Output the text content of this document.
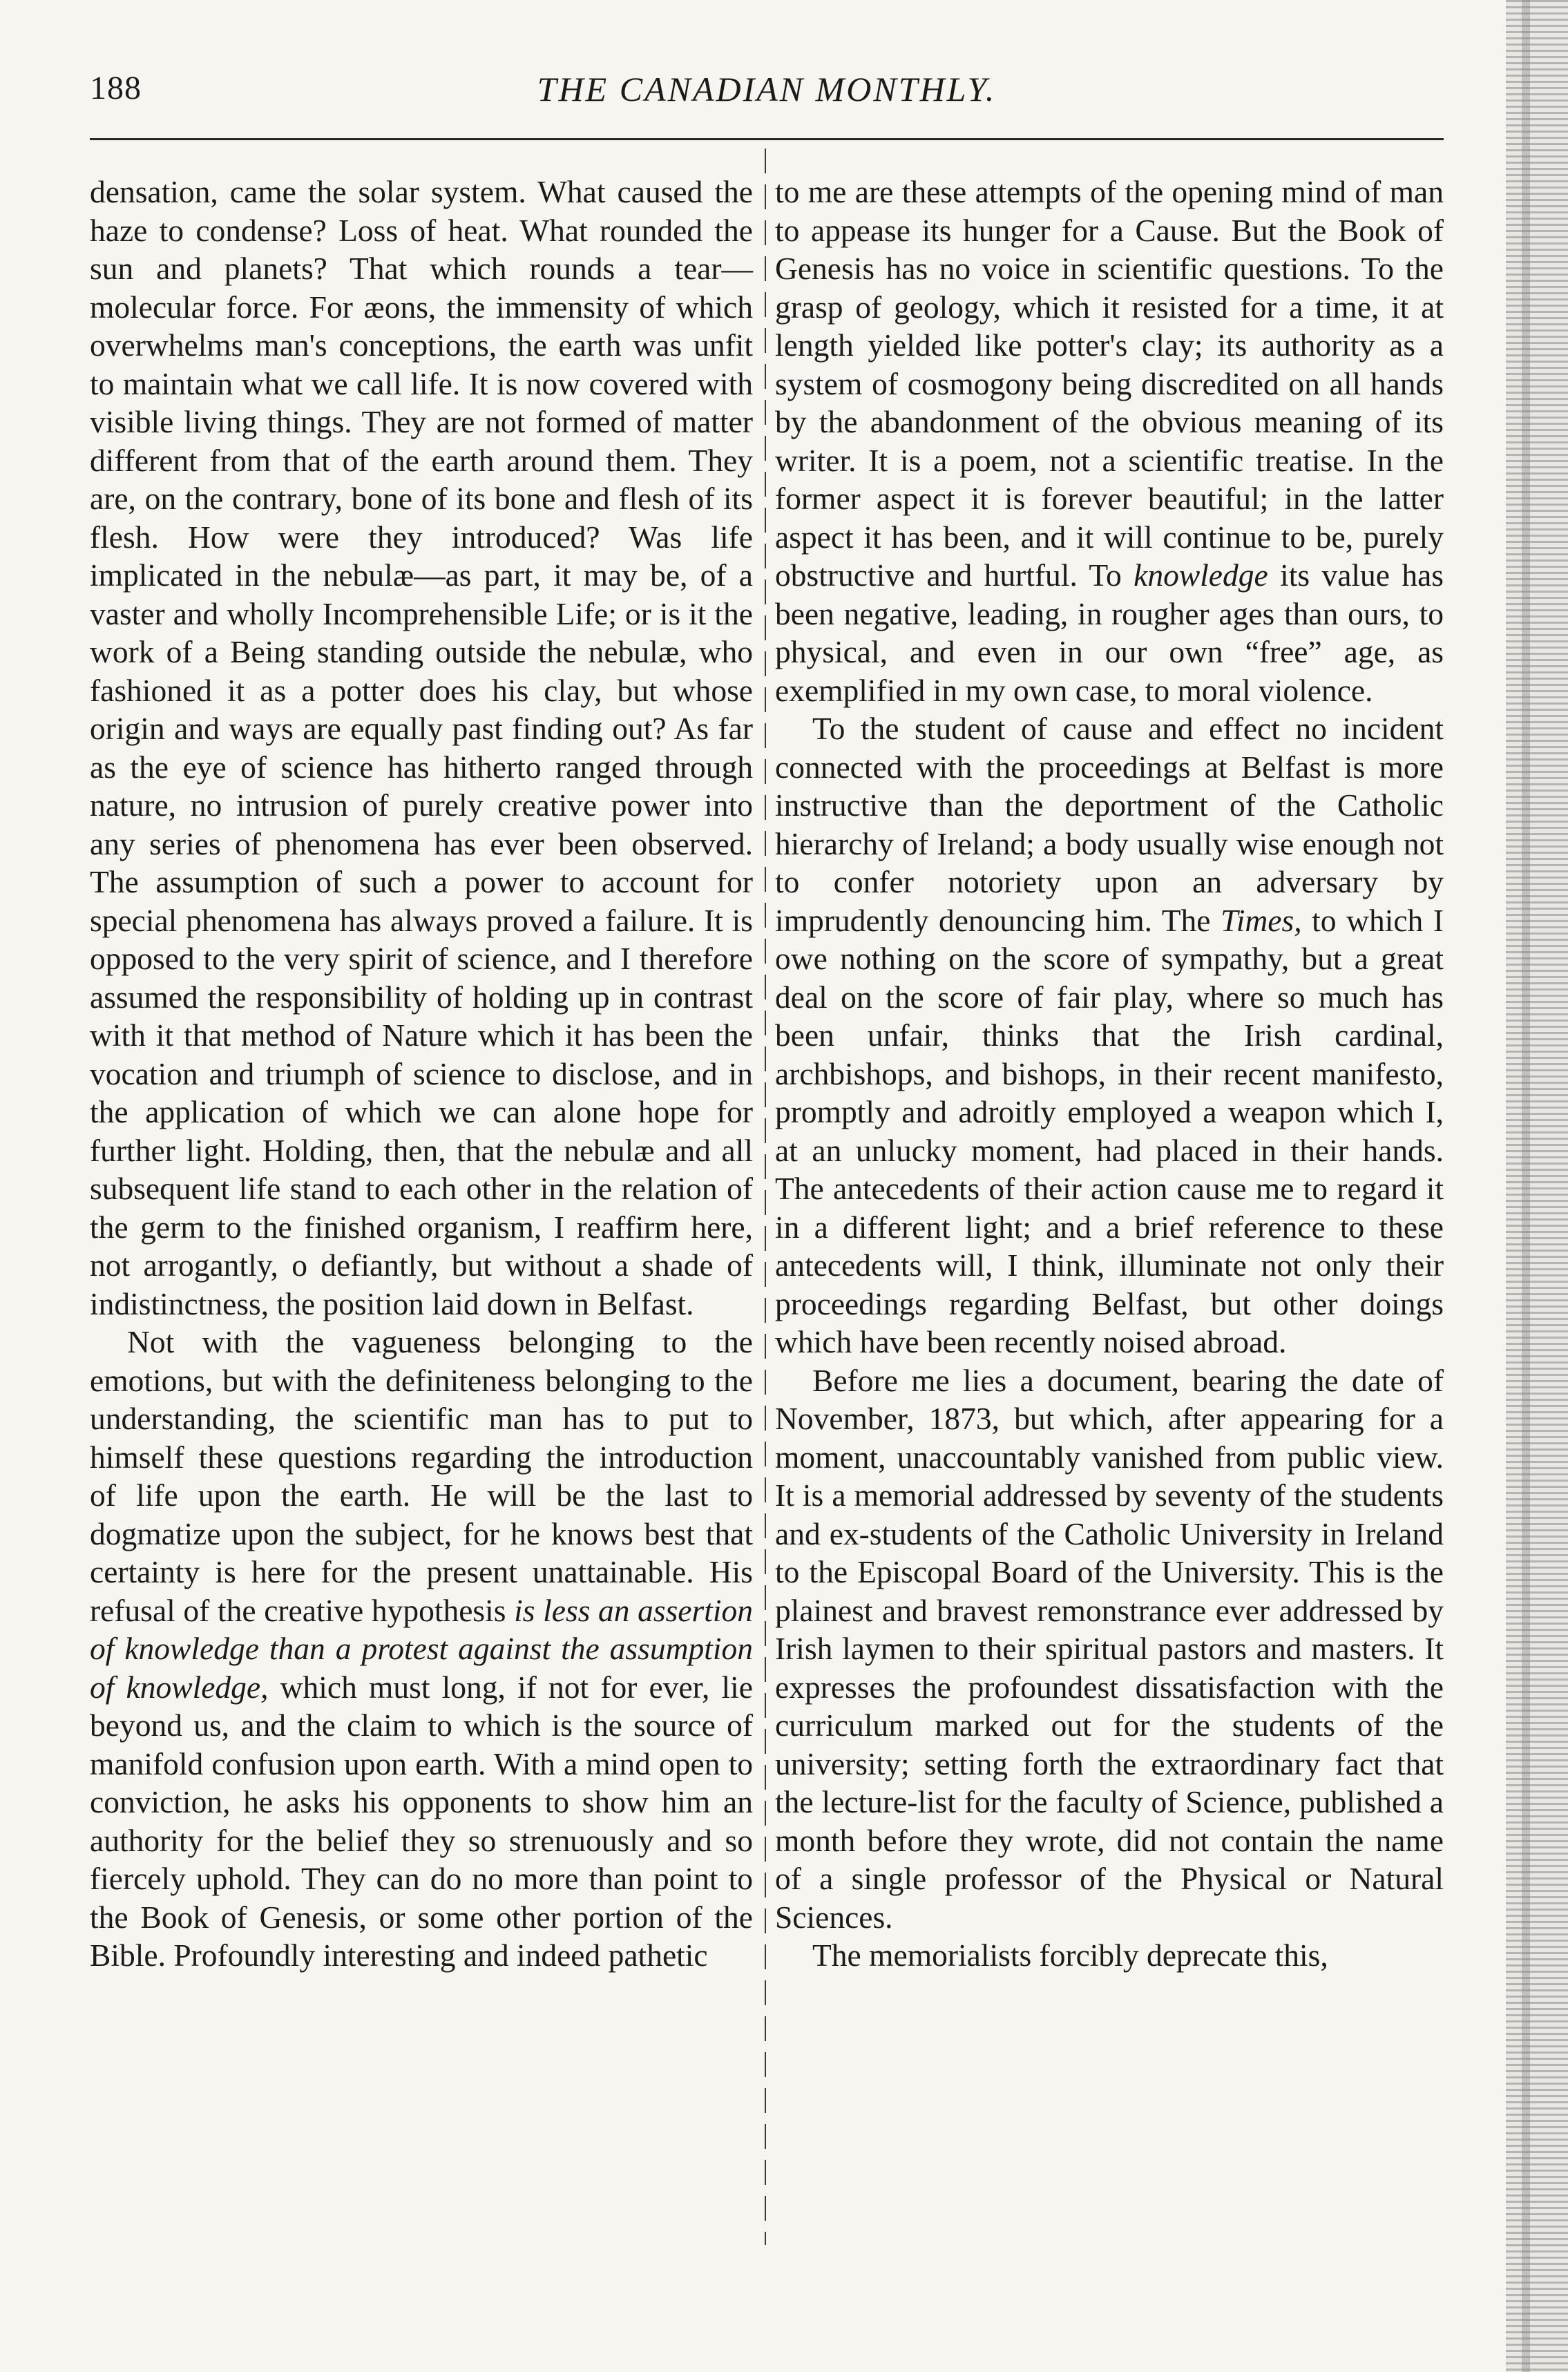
188	THE CANADIAN MONTHLY.

densation, came the solar system. What caused the haze to condense? Loss of heat. What rounded the sun and planets? That which rounds a tear—molecular force. For æons, the immensity of which overwhelms man's conceptions, the earth was unfit to maintain what we call life. It is now covered with visible living things. They are not formed of matter different from that of the earth around them. They are, on the contrary, bone of its bone and flesh of its flesh. How were they introduced? Was life implicated in the nebulæ—as part, it may be, of a vaster and wholly Incomprehensible Life; or is it the work of a Being standing outside the nebulæ, who fashioned it as a potter does his clay, but whose origin and ways are equally past finding out? As far as the eye of science has hitherto ranged through nature, no intrusion of purely creative power into any series of phenomena has ever been observed. The assumption of such a power to account for special phenomena has always proved a failure. It is opposed to the very spirit of science, and I therefore assumed the responsibility of holding up in contrast with it that method of Nature which it has been the vocation and triumph of science to disclose, and in the application of which we can alone hope for further light. Holding, then, that the nebulæ and all subsequent life stand to each other in the relation of the germ to the finished organism, I reaffirm here, not arrogantly, o defiantly, but without a shade of indistinctness, the position laid down in Belfast.

Not with the vagueness belonging to the emotions, but with the definiteness belonging to the understanding, the scientific man has to put to himself these questions regarding the introduction of life upon the earth. He will be the last to dogmatize upon the subject, for he knows best that certainty is here for the present unattainable. His refusal of the creative hypothesis is less an assertion of knowledge than a protest against the assumption of knowledge, which must long, if not for ever, lie beyond us, and the claim to which is the source of manifold confusion upon earth. With a mind open to conviction, he asks his opponents to show him an authority for the belief they so strenuously and so fiercely uphold. They can do no more than point to the Book of Genesis, or some other portion of the Bible. Profoundly interesting and indeed pathetic

to me are these attempts of the opening mind of man to appease its hunger for a Cause. But the Book of Genesis has no voice in scientific questions. To the grasp of geology, which it resisted for a time, it at length yielded like potter's clay; its authority as a system of cosmogony being discredited on all hands by the abandonment of the obvious meaning of its writer. It is a poem, not a scientific treatise. In the former aspect it is forever beautiful; in the latter aspect it has been, and it will continue to be, purely obstructive and hurtful. To knowledge its value has been negative, leading, in rougher ages than ours, to physical, and even in our own “free” age, as exemplified in my own case, to moral violence.

To the student of cause and effect no incident connected with the proceedings at Belfast is more instructive than the deportment of the Catholic hierarchy of Ireland; a body usually wise enough not to confer notoriety upon an adversary by imprudently denouncing him. The Times, to which I owe nothing on the score of sympathy, but a great deal on the score of fair play, where so much has been unfair, thinks that the Irish cardinal, archbishops, and bishops, in their recent manifesto, promptly and adroitly employed a weapon which I, at an unlucky moment, had placed in their hands. The antecedents of their action cause me to regard it in a different light; and a brief reference to these antecedents will, I think, illuminate not only their proceedings regarding Belfast, but other doings which have been recently noised abroad.

Before me lies a document, bearing the date of November, 1873, but which, after appearing for a moment, unaccountably vanished from public view. It is a memorial addressed by seventy of the students and ex-students of the Catholic University in Ireland to the Episcopal Board of the University. This is the plainest and bravest remonstrance ever addressed by Irish laymen to their spiritual pastors and masters. It expresses the profoundest dissatisfaction with the curriculum marked out for the students of the university; setting forth the extraordinary fact that the lecture-list for the faculty of Science, published a month before they wrote, did not contain the name of a single professor of the Physical or Natural Sciences.

The memorialists forcibly deprecate this,
